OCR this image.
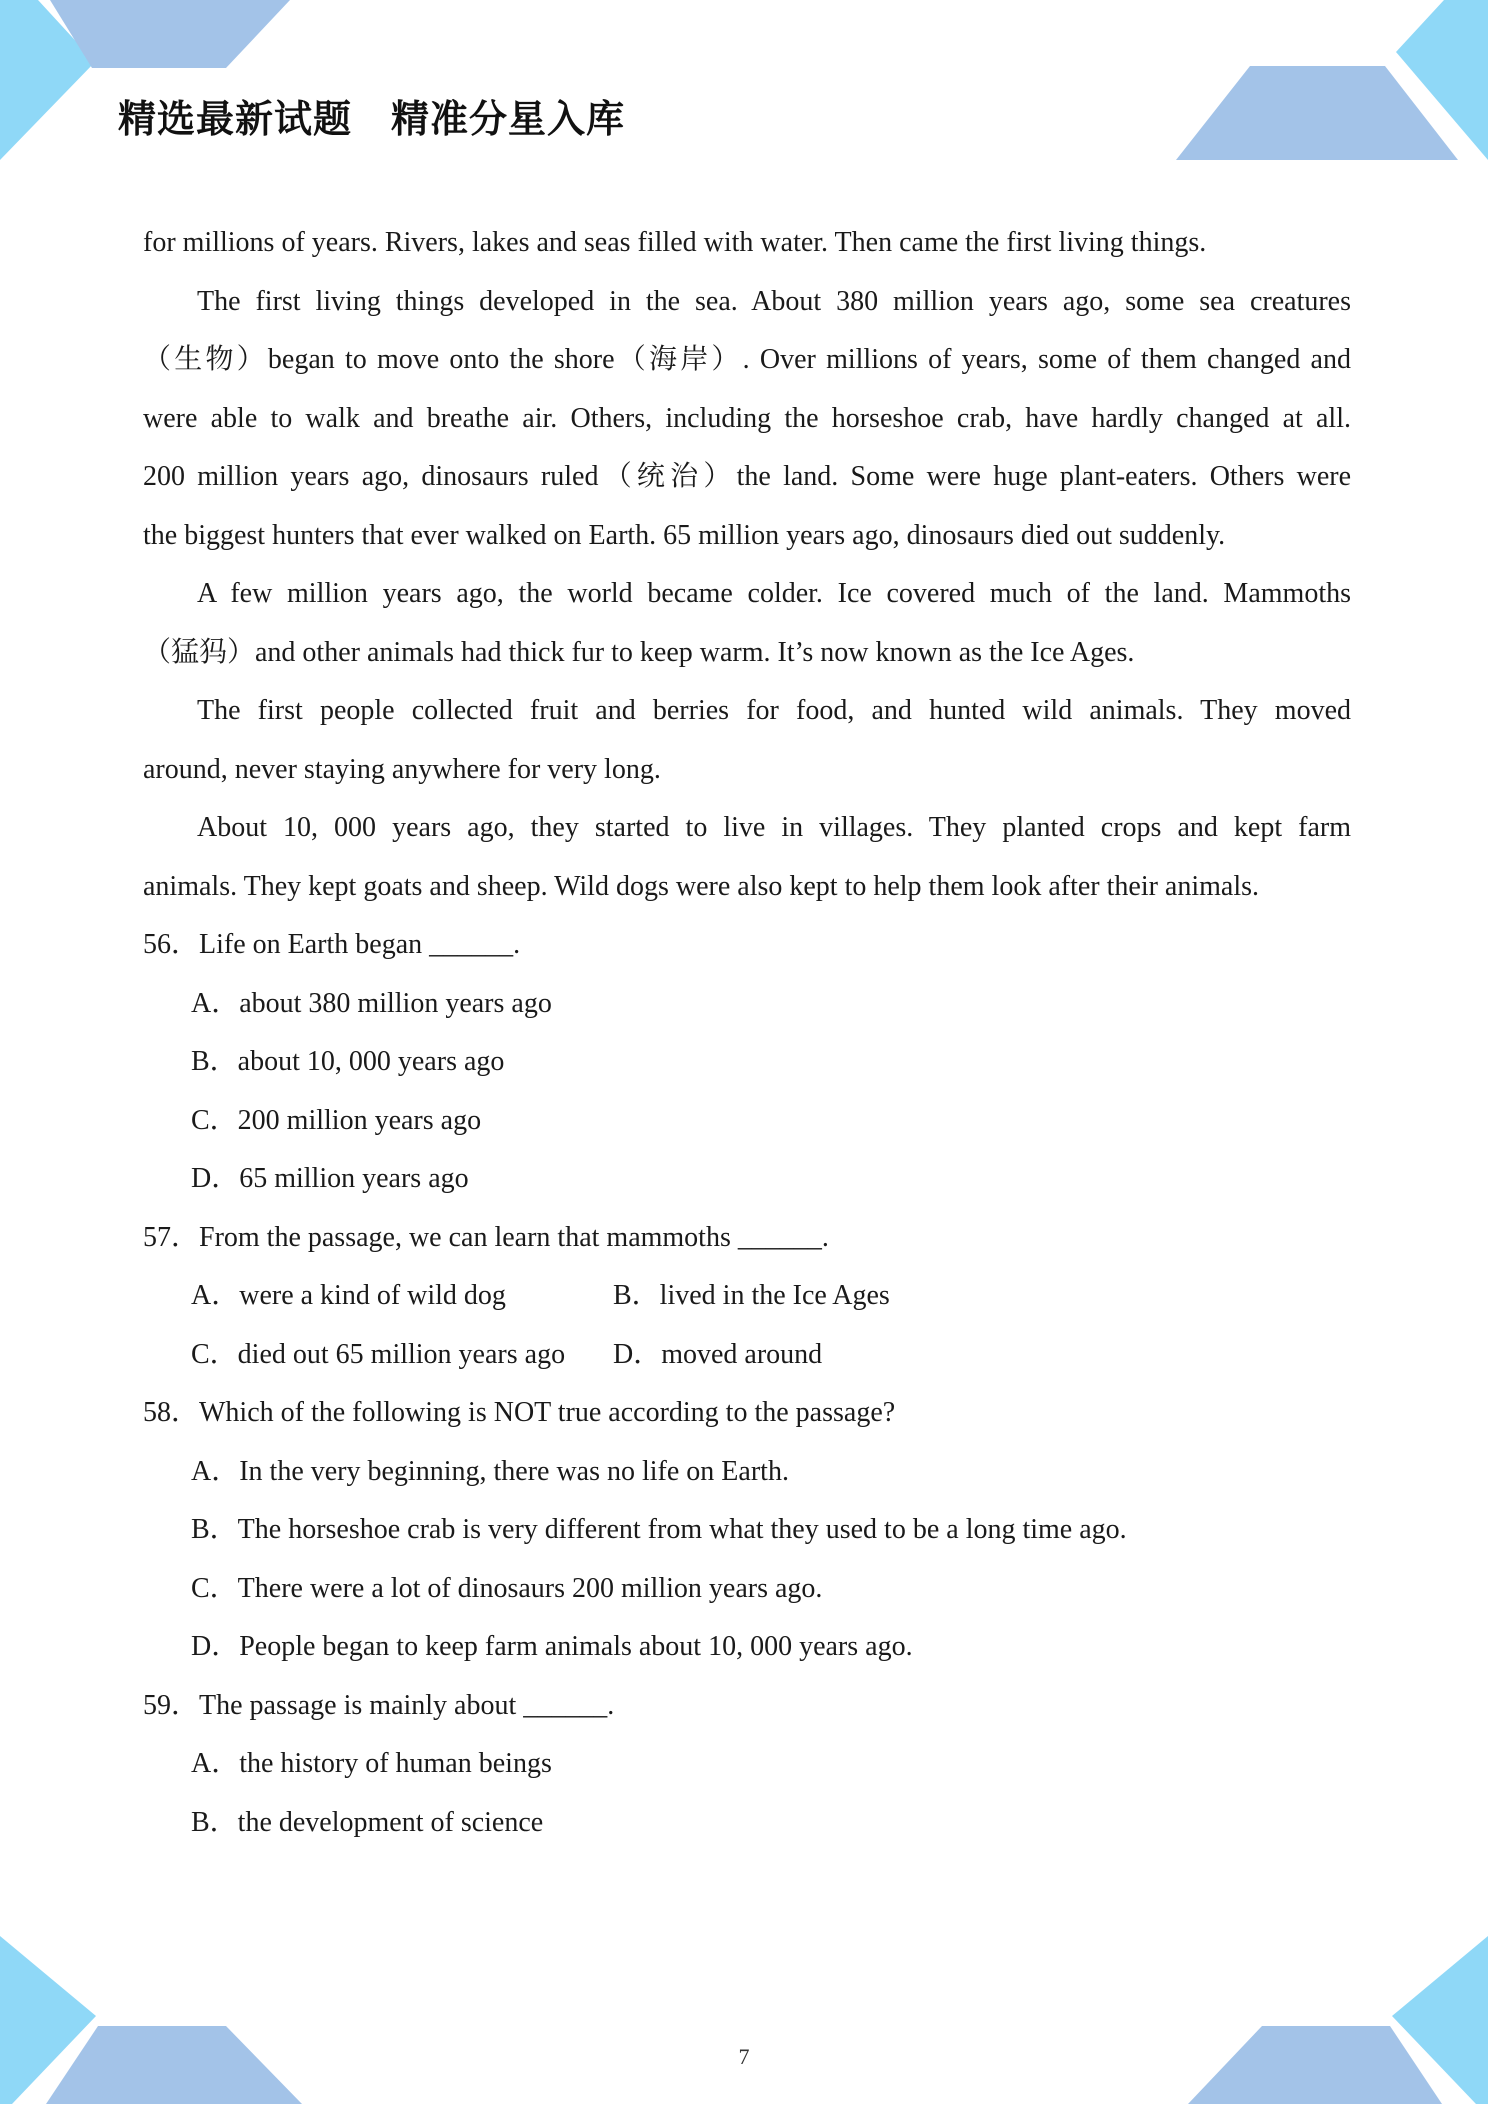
精选最新试题　精准分星入库
for millions of years. Rivers, lakes and seas filled with water. Then came the first living things.
The first living things developed in the sea. About 380 million years ago, some sea creatures
（生物）began to move onto the shore（海岸）. Over millions of years, some of them changed and
were able to walk and breathe air. Others, including the horseshoe crab, have hardly changed at all.
200 million years ago, dinosaurs ruled（统治）the land. Some were huge plant-eaters. Others were
the biggest hunters that ever walked on Earth. 65 million years ago, dinosaurs died out suddenly.
A few million years ago, the world became colder. Ice covered much of the land. Mammoths
（猛犸）and other animals had thick fur to keep warm. It’s now known as the Ice Ages.
The first people collected fruit and berries for food, and hunted wild animals. They moved
around, never staying anywhere for very long.
About 10, 000 years ago, they started to live in villages. They planted crops and kept farm
animals. They kept goats and sheep. Wild dogs were also kept to help them look after their animals.
56．Life on Earth began ______.
A．about 380 million years ago
B．about 10, 000 years ago
C．200 million years ago
D．65 million years ago
57．From the passage, we can learn that mammoths ______.
A．were a kind of wild dog	B．lived in the Ice Ages
C．died out 65 million years ago	D．moved around
58．Which of the following is NOT true according to the passage?
A．In the very beginning, there was no life on Earth.
B．The horseshoe crab is very different from what they used to be a long time ago.
C．There were a lot of dinosaurs 200 million years ago.
D．People began to keep farm animals about 10, 000 years ago.
59．The passage is mainly about ______.
A．the history of human beings
B．the development of science
7
